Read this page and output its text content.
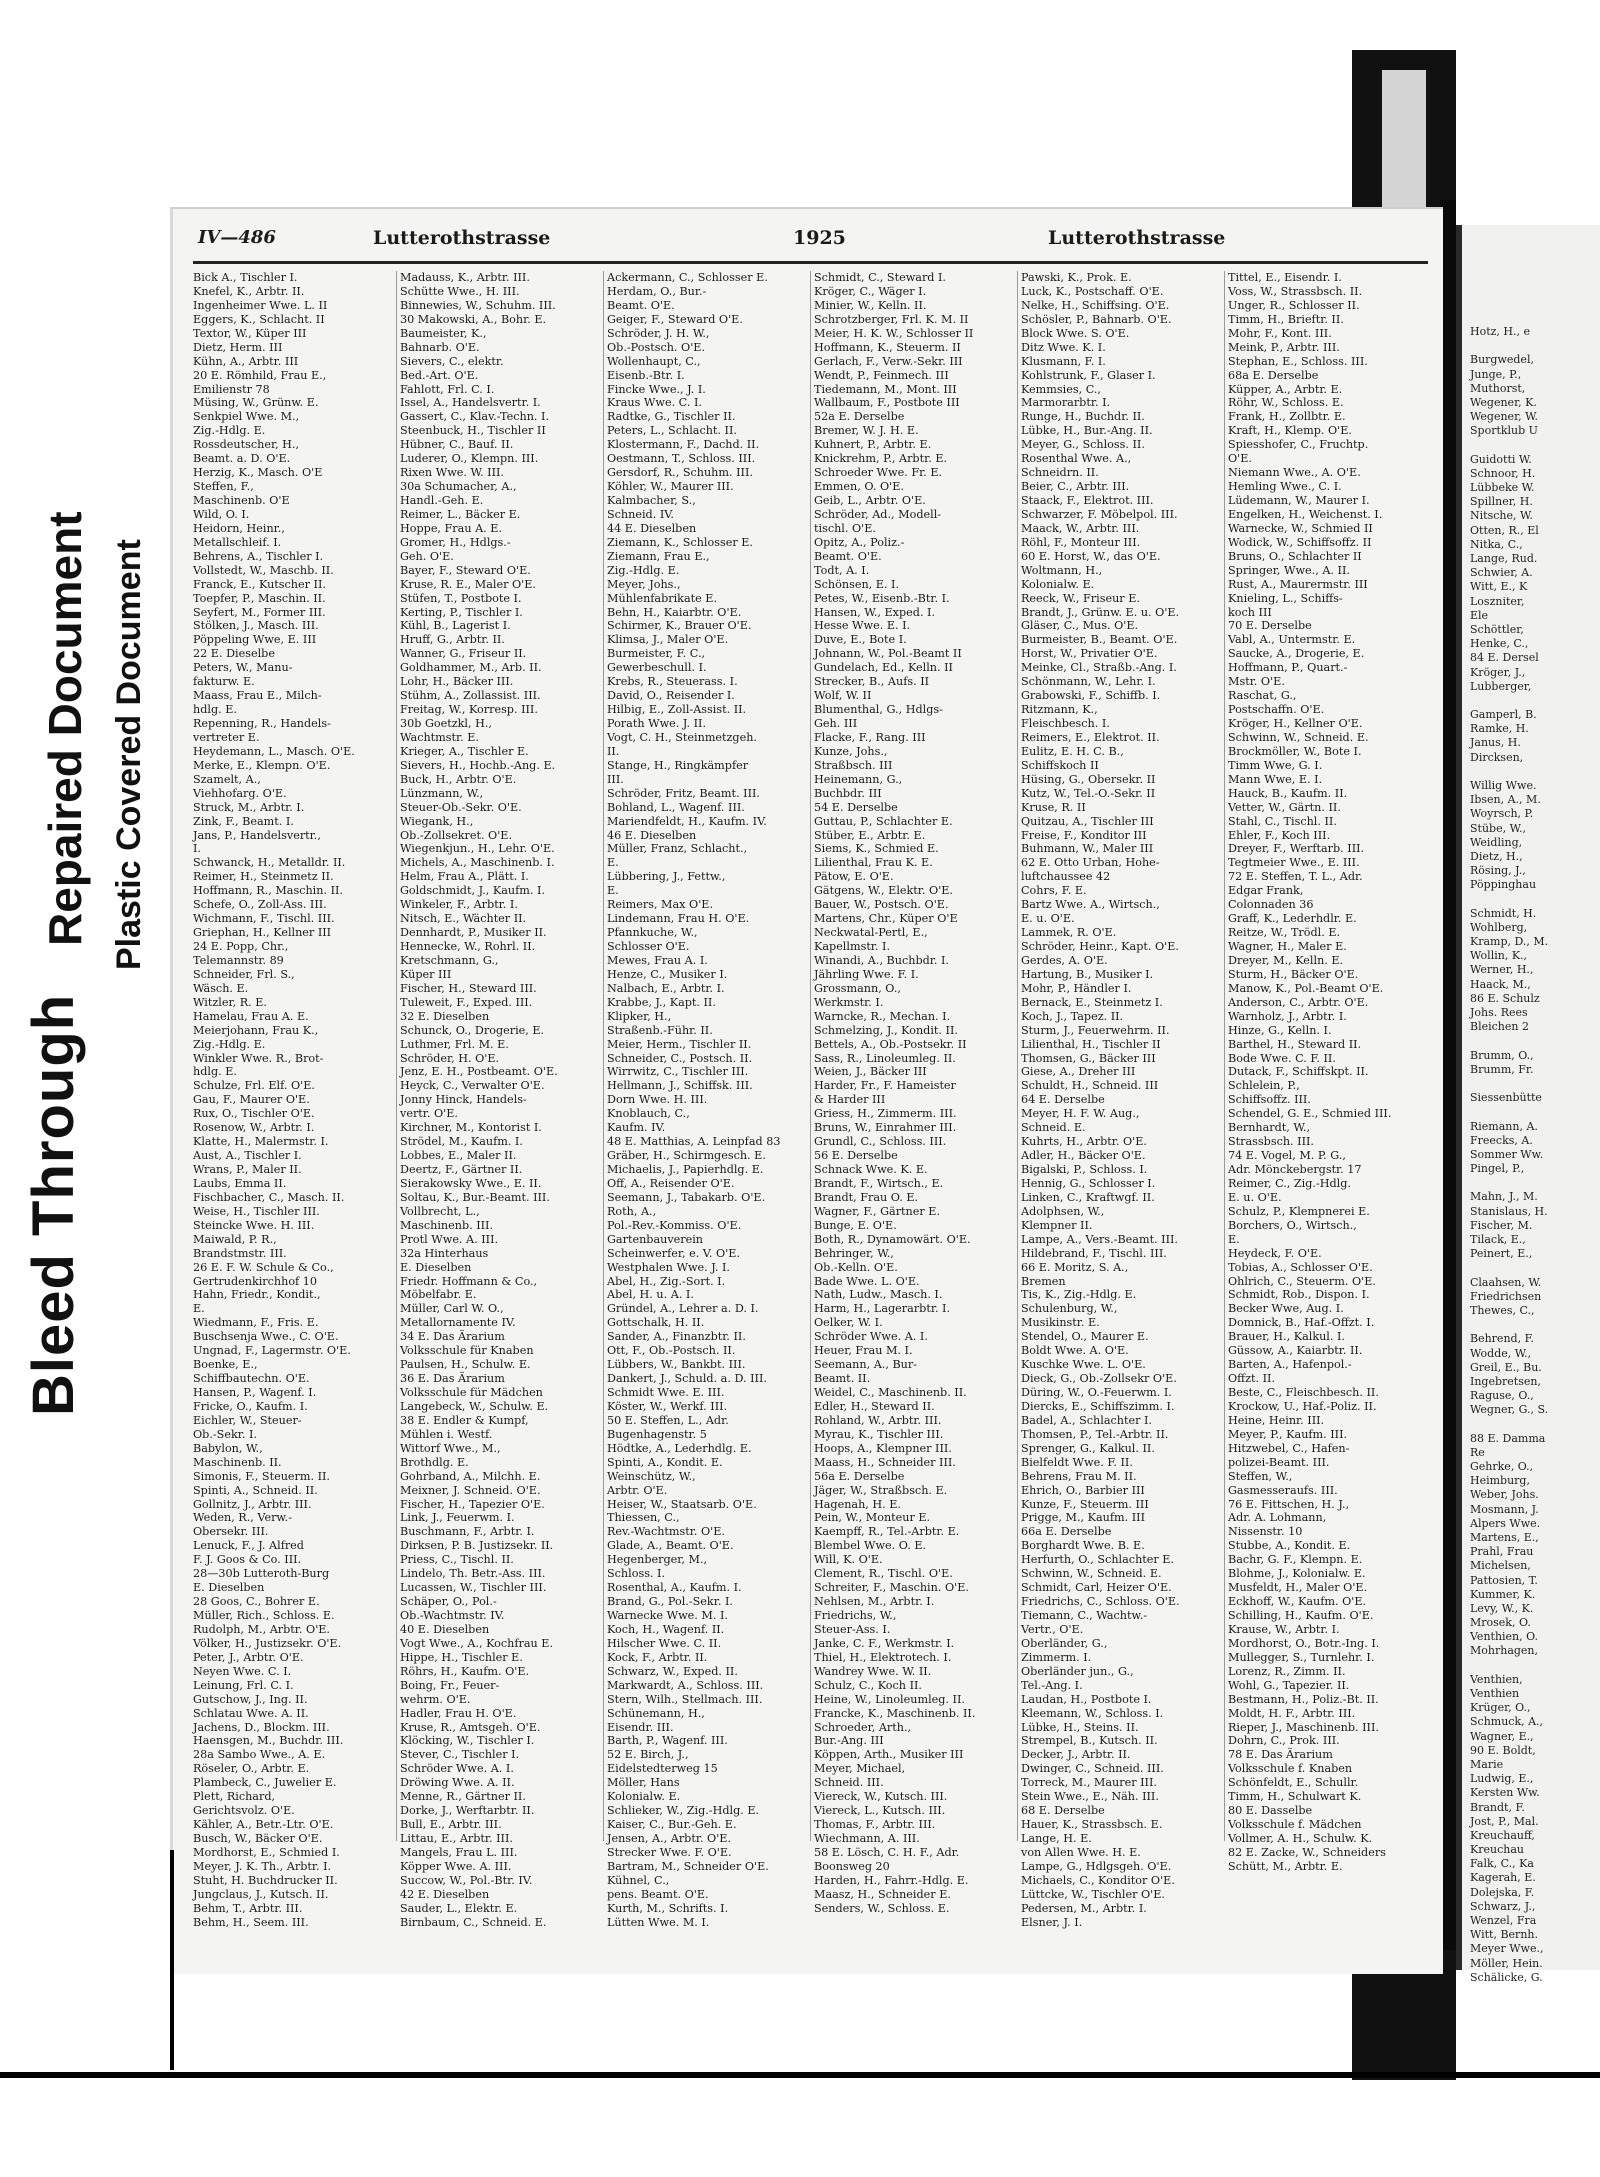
Bleed Through
Repaired Document Plastic Covered Document
Hotz, H., e
Burgwedel,
Junge, P.,
Muthorst,
Wegener, K.
Wegener, W.
Sportklub U
Guidotti W.
Schnoor, H.
Lübbeke W.
Spillner, H.
Nitsche, W.
Otten, R., El
Nitka, C.,
Lange, Rud.
Schwier, A.
Witt, E., K
Loszniter,
Ele
Schöttler,
Henke, C.,
84 E. Dersel
Kröger, J.,
Lubberger,
Gamperl, B.
Ramke, H.
Janus, H.
Dircksen,
Willig Wwe.
Ibsen, A., M.
Woyrsch, P.
Stübe, W.,
Weidling,
Dietz, H.,
Rösing, J.,
Pöppinghau
Schmidt, H.
Wohlberg,
Kramp, D., M.
Wollin, K.,
Werner, H.,
Haack, M.,
86 E. Schulz
Johs. Rees
Bleichen 2
Brumm, O.,
Brumm, Fr.
Siessenbütte
Riemann, A.
Freecks, A.
Sommer Ww.
Pingel, P.,
Mahn, J., M.
Stanislaus, H.
Fischer, M.
Tilack, E.,
Peinert, E.,
Claahsen, W.
Friedrichsen
Thewes, C.,
Behrend, F.
Wodde, W.,
Greil, E., Bu.
Ingebretsen,
Raguse, O.,
Wegner, G., S.
88 E. Damma
Re
Gehrke, O.,
Heimburg,
Weber, Johs.
Mosmann, J.
Alpers Wwe.
Martens, E.,
Prahl, Frau
Michelsen,
Pattosien, T.
Kummer, K.
Levy, W., K.
Mrosek, O.
Venthien, O.
Mohrhagen,
Venthien,
Venthien
Krüger, O.,
Schmuck, A.,
Wagner, E.,
90 E. Boldt,
Marie
Ludwig, E.,
Kersten Ww.
Brandt, F.
Jost, P., Mal.
Kreuchauff,
Kreuchau
Falk, C., Ka
Kagerah, E.
Dolejska, F.
Schwarz, J.,
Wenzel, Fra
Witt, Bernh.
Meyer Wwe.,
Möller, Hein.
Schälicke, G.
IV—486	Lutterothstrasse	1925	Lutterothstrasse
Bick A., Tischler I.
Knefel, K., Arbtr. II.
Ingenheimer Wwe. L. II
Eggers, K., Schlacht. II
Textor, W., Küper III
Dietz, Herm. III
Kühn, A., Arbtr. III
20 E. Römhild, Frau E.,
Emilienstr 78
Müsing, W., Grünw. E.
Senkpiel Wwe. M.,
Zig.-Hdlg. E.
Rossdeutscher, H.,
Beamt. a. D. O'E.
Herzig, K., Masch. O'E
Steffen, F.,
Maschinenb. O'E
Wild, O. I.
Heidorn, Heinr.,
Metallschleif. I.
Behrens, A., Tischler I.
Vollstedt, W., Maschb. II.
Franck, E., Kutscher II.
Toepfer, P., Maschin. II.
Seyfert, M., Former III.
Stölken, J., Masch. III.
Pöppeling Wwe, E. III
22 E. Dieselbe
Peters, W., Manu-
fakturw. E.
Maass, Frau E., Milch-
hdlg. E.
Repenning, R., Handels-
vertreter E.
Heydemann, L., Masch. O'E.
Merke, E., Klempn. O'E.
Szamelt, A.,
Viehhofarg. O'E.
Struck, M., Arbtr. I.
Zink, F., Beamt. I.
Jans, P., Handelsvertr.,
I.
Schwanck, H., Metalldr. II.
Reimer, H., Steinmetz II.
Hoffmann, R., Maschin. II.
Schefe, O., Zoll-Ass. III.
Wichmann, F., Tischl. III.
Griephan, H., Kellner III
24 E. Popp, Chr.,
Telemannstr. 89
Schneider, Frl. S.,
Wäsch. E.
Witzler, R. E.
Hamelau, Frau A. E.
Meierjohann, Frau K.,
Zig.-Hdlg. E.
Winkler Wwe. R., Brot-
hdlg. E.
Schulze, Frl. Elf. O'E.
Gau, F., Maurer O'E.
Rux, O., Tischler O'E.
Rosenow, W., Arbtr. I.
Klatte, H., Malermstr. I.
Aust, A., Tischler I.
Wrans, P., Maler II.
Laubs, Emma II.
Fischbacher, C., Masch. II.
Weise, H., Tischler III.
Steincke Wwe. H. III.
Maiwald, P. R.,
Brandstmstr. III.
26 E. F. W. Schule & Co.,
Gertrudenkirchhof 10
Hahn, Friedr., Kondit.,
E.
Wiedmann, F., Fris. E.
Buschsenja Wwe., C. O'E.
Ungnad, F., Lagermstr. O'E.
Boenke, E.,
Schiffbautechn. O'E.
Hansen, P., Wagenf. I.
Fricke, O., Kaufm. I.
Eichler, W., Steuer-
Ob.-Sekr. I.
Babylon, W.,
Maschinenb. II.
Simonis, F., Steuerm. II.
Spinti, A., Schneid. II.
Gollnitz, J., Arbtr. III.
Weden, R., Verw.-
Obersekr. III.
Lenuck, F., J. Alfred
F. J. Goos & Co. III.
28—30b Lutteroth-Burg
E. Dieselben
28 Goos, C., Bohrer E.
Müller, Rich., Schloss. E.
Rudolph, M., Arbtr. O'E.
Völker, H., Justizsekr. O'E.
Peter, J., Arbtr. O'E.
Neyen Wwe. C. I.
Leinung, Frl. C. I.
Gutschow, J., Ing. II.
Schlatau Wwe. A. II.
Jachens, D., Blockm. III.
Haensgen, M., Buchdr. III.
28a Sambo Wwe., A. E.
Röseler, O., Arbtr. E.
Plambeck, C., Juwelier E.
Plett, Richard,
Gerichtsvolz. O'E.
Kähler, A., Betr.-Ltr. O'E.
Busch, W., Bäcker O'E.
Mordhorst, E., Schmied I.
Meyer, J. K. Th., Arbtr. I.
Stuht, H. Buchdrucker II.
Jungclaus, J., Kutsch. II.
Behm, T., Arbtr. III.
Behm, H., Seem. III.
Madauss, K., Arbtr. III.
Schütte Wwe., H. III.
Binnewies, W., Schuhm. III.
30 Makowski, A., Bohr. E.
Baumeister, K.,
Bahnarb. O'E.
Sievers, C., elektr.
Bed.-Art. O'E.
Fahlott, Frl. C. I.
Issel, A., Handelsvertr. I.
Gassert, C., Klav.-Techn. I.
Steenbuck, H., Tischler II
Hübner, C., Bauf. II.
Luderer, O., Klempn. III.
Rixen Wwe. W. III.
30a Schumacher, A.,
Handl.-Geh. E.
Reimer, L., Bäcker E.
Hoppe, Frau A. E.
Gromer, H., Hdlgs.-
Geh. O'E.
Bayer, F., Steward O'E.
Kruse, R. E., Maler O'E.
Stüfen, T., Postbote I.
Kerting, P., Tischler I.
Kühl, B., Lagerist I.
Hruff, G., Arbtr. II.
Wanner, G., Friseur II.
Goldhammer, M., Arb. II.
Lohr, H., Bäcker III.
Stühm, A., Zollassist. III.
Freitag, W., Korresp. III.
30b Goetzkl, H.,
Wachtmstr. E.
Krieger, A., Tischler E.
Sievers, H., Hochb.-Ang. E.
Buck, H., Arbtr. O'E.
Lünzmann, W.,
Steuer-Ob.-Sekr. O'E.
Wiegank, H.,
Ob.-Zollsekret. O'E.
Wiegenkjun., H., Lehr. O'E.
Michels, A., Maschinenb. I.
Helm, Frau A., Plätt. I.
Goldschmidt, J., Kaufm. I.
Winkeler, F., Arbtr. I.
Nitsch, E., Wächter II.
Dennhardt, P., Musiker II.
Hennecke, W., Rohrl. II.
Kretschmann, G.,
Küper III
Fischer, H., Steward III.
Tuleweit, F., Exped. III.
32 E. Dieselben
Schunck, O., Drogerie, E.
Luthmer, Frl. M. E.
Schröder, H. O'E.
Jenz, E. H., Postbeamt. O'E.
Heyck, C., Verwalter O'E.
Jonny Hinck, Handels-
vertr. O'E.
Kirchner, M., Kontorist I.
Strödel, M., Kaufm. I.
Lobbes, E., Maler II.
Deertz, F., Gärtner II.
Sierakowsky Wwe., E. II.
Soltau, K., Bur.-Beamt. III.
Vollbrecht, L.,
Maschinenb. III.
Protl Wwe. A. III.
32a Hinterhaus
E. Dieselben
Friedr. Hoffmann & Co.,
Möbelfabr. E.
Müller, Carl W. O.,
Metallornamente IV.
34 E. Das Ärarium
Volksschule für Knaben
Paulsen, H., Schulw. E.
36 E. Das Ärarium
Volksschule für Mädchen
Langebeck, W., Schulw. E.
38 E. Endler & Kumpf,
Mühlen i. Westf.
Wittorf Wwe., M.,
Brothdlg. E.
Gohrband, A., Milchh. E.
Meixner, J. Schneid. O'E.
Fischer, H., Tapezier O'E.
Link, J., Feuerwm. I.
Buschmann, F., Arbtr. I.
Dirksen, P. B. Justizsekr. II.
Priess, C., Tischl. II.
Lindelo, Th. Betr.-Ass. III.
Lucassen, W., Tischler III.
Schäper, O., Pol.-
Ob.-Wachtmstr. IV.
40 E. Dieselben
Vogt Wwe., A., Kochfrau E.
Hippe, H., Tischler E.
Röhrs, H., Kaufm. O'E.
Boing, Fr., Feuer-
wehrm. O'E.
Hadler, Frau H. O'E.
Kruse, R., Amtsgeh. O'E.
Klöcking, W., Tischler I.
Stever, C., Tischler I.
Schröder Wwe. A. I.
Dröwing Wwe. A. II.
Menne, R., Gärtner II.
Dorke, J., Werftarbtr. II.
Bull, E., Arbtr. III.
Littau, E., Arbtr. III.
Mangels, Frau L. III.
Köpper Wwe. A. III.
Succow, W., Pol.-Btr. IV.
42 E. Dieselben
Sauder, L., Elektr. E.
Birnbaum, C., Schneid. E.
Ackermann, C., Schlosser E.
Herdam, O., Bur.-
Beamt. O'E.
Geiger, F., Steward O'E.
Schröder, J. H. W.,
Ob.-Postsch. O'E.
Wollenhaupt, C.,
Eisenb.-Btr. I.
Fincke Wwe., J. I.
Kraus Wwe. C. I.
Radtke, G., Tischler II.
Peters, L., Schlacht. II.
Klostermann, F., Dachd. II.
Oestmann, T., Schloss. III.
Gersdorf, R., Schuhm. III.
Köhler, W., Maurer III.
Kalmbacher, S.,
Schneid. IV.
44 E. Dieselben
Ziemann, K., Schlosser E.
Ziemann, Frau E.,
Zig.-Hdlg. E.
Meyer, Johs.,
Mühlenfabrikate E.
Behn, H., Kaiarbtr. O'E.
Schirmer, K., Brauer O'E.
Klimsa, J., Maler O'E.
Burmeister, F. C.,
Gewerbeschull. I.
Krebs, R., Steuerass. I.
David, O., Reisender I.
Hilbig, E., Zoll-Assist. II.
Porath Wwe. J. II.
Vogt, C. H., Steinmetzgeh.
II.
Stange, H., Ringkämpfer
III.
Schröder, Fritz, Beamt. III.
Bohland, L., Wagenf. III.
Mariendfeldt, H., Kaufm. IV.
46 E. Dieselben
Müller, Franz, Schlacht.,
E.
Lübbering, J., Fettw.,
E.
Reimers, Max O'E.
Lindemann, Frau H. O'E.
Pfannkuche, W.,
Schlosser O'E.
Mewes, Frau A. I.
Henze, C., Musiker I.
Nalbach, E., Arbtr. I.
Krabbe, J., Kapt. II.
Klipker, H.,
Straßenb.-Führ. II.
Meier, Herm., Tischler II.
Schneider, C., Postsch. II.
Wirrwitz, C., Tischler III.
Hellmann, J., Schiffsk. III.
Dorn Wwe. H. III.
Knoblauch, C.,
Kaufm. IV.
48 E. Matthias, A. Leinpfad 83
Gräber, H., Schirmgesch. E.
Michaelis, J., Papierhdlg. E.
Off, A., Reisender O'E.
Seemann, J., Tabakarb. O'E.
Roth, A.,
Pol.-Rev.-Kommiss. O'E.
Gartenbauverein
Scheinwerfer, e. V. O'E.
Westphalen Wwe. J. I.
Abel, H., Zig.-Sort. I.
Abel, H. u. A. I.
Gründel, A., Lehrer a. D. I.
Gottschalk, H. II.
Sander, A., Finanzbtr. II.
Ott, F., Ob.-Postsch. II.
Lübbers, W., Bankbt. III.
Dankert, J., Schuld. a. D. III.
Schmidt Wwe. E. III.
Köster, W., Werkf. III.
50 E. Steffen, L., Adr.
Bugenhagenstr. 5
Hödtke, A., Lederhdlg. E.
Spinti, A., Kondit. E.
Weinschütz, W.,
Arbtr. O'E.
Heiser, W., Staatsarb. O'E.
Thiessen, C.,
Rev.-Wachtmstr. O'E.
Glade, A., Beamt. O'E.
Hegenberger, M.,
Schloss. I.
Rosenthal, A., Kaufm. I.
Brand, G., Pol.-Sekr. I.
Warnecke Wwe. M. I.
Koch, H., Wagenf. II.
Hilscher Wwe. C. II.
Kock, F., Arbtr. II.
Schwarz, W., Exped. II.
Markwardt, A., Schloss. III.
Stern, Wilh., Stellmach. III.
Schünemann, H.,
Eisendr. III.
Barth, P., Wagenf. III.
52 E. Birch, J.,
Eidelstedterweg 15
Möller, Hans
Kolonialw. E.
Schlieker, W., Zig.-Hdlg. E.
Kaiser, C., Bur.-Geh. E.
Jensen, A., Arbtr. O'E.
Strecker Wwe. F. O'E.
Bartram, M., Schneider O'E.
Kühnel, C.,
pens. Beamt. O'E.
Kurth, M., Schrifts. I.
Lütten Wwe. M. I.
Schmidt, C., Steward I.
Kröger, C., Wäger I.
Minier, W., Kelln. II.
Schrotzberger, Frl. K. M. II
Meier, H. K. W., Schlosser II
Hoffmann, K., Steuerm. II
Gerlach, F., Verw.-Sekr. III
Wendt, P., Feinmech. III
Tiedemann, M., Mont. III
Wallbaum, F., Postbote III
52a E. Derselbe
Bremer, W. J. H. E.
Kuhnert, P., Arbtr. E.
Knickrehm, P., Arbtr. E.
Schroeder Wwe. Fr. E.
Emmen, O. O'E.
Geib, L., Arbtr. O'E.
Schröder, Ad., Modell-
tischl. O'E.
Opitz, A., Poliz.-
Beamt. O'E.
Todt, A. I.
Schönsen, E. I.
Petes, W., Eisenb.-Btr. I.
Hansen, W., Exped. I.
Hesse Wwe. E. I.
Duve, E., Bote I.
Johnann, W., Pol.-Beamt II
Gundelach, Ed., Kelln. II
Strecker, B., Aufs. II
Wolf, W. II
Blumenthal, G., Hdlgs-
Geh. III
Flacke, F., Rang. III
Kunze, Johs.,
Straßbsch. III
Heinemann, G.,
Buchbdr. III
54 E. Derselbe
Guttau, P., Schlachter E.
Stüber, E., Arbtr. E.
Siems, K., Schmied E.
Lilienthal, Frau K. E.
Pätow, E. O'E.
Gätgens, W., Elektr. O'E.
Bauer, W., Postsch. O'E.
Martens, Chr., Küper O'E
Neckwatal-Pertl, E.,
Kapellmstr. I.
Winandi, A., Buchbdr. I.
Jährling Wwe. F. I.
Grossmann, O.,
Werkmstr. I.
Warncke, R., Mechan. I.
Schmelzing, J., Kondit. II.
Bettels, A., Ob.-Postsekr. II
Sass, R., Linoleumleg. II.
Weien, J., Bäcker III
Harder, Fr., F. Hameister
& Harder III
Griess, H., Zimmerm. III.
Bruns, W., Einrahmer III.
Grundl, C., Schloss. III.
56 E. Derselbe
Schnack Wwe. K. E.
Brandt, F., Wirtsch., E.
Brandt, Frau O. E.
Wagner, F., Gärtner E.
Bunge, E. O'E.
Both, R., Dynamowärt. O'E.
Behringer, W.,
Ob.-Kelln. O'E.
Bade Wwe. L. O'E.
Nath, Ludw., Masch. I.
Harm, H., Lagerarbtr. I.
Oelker, W. I.
Schröder Wwe. A. I.
Heuer, Frau M. I.
Seemann, A., Bur-
Beamt. II.
Weidel, C., Maschinenb. II.
Edler, H., Steward II.
Rohland, W., Arbtr. III.
Myrau, K., Tischler III.
Hoops, A., Klempner III.
Maass, H., Schneider III.
56a E. Derselbe
Jäger, W., Straßbsch. E.
Hagenah, H. E.
Pein, W., Monteur E.
Kaempff, R., Tel.-Arbtr. E.
Blembel Wwe. O. E.
Will, K. O'E.
Clement, R., Tischl. O'E.
Schreiter, F., Maschin. O'E.
Nehlsen, M., Arbtr. I.
Friedrichs, W.,
Steuer-Ass. I.
Janke, C. F., Werkmstr. I.
Thiel, H., Elektrotech. I.
Wandrey Wwe. W. II.
Schulz, C., Koch II.
Heine, W., Linoleumleg. II.
Francke, K., Maschinenb. II.
Schroeder, Arth.,
Bur.-Ang. III
Köppen, Arth., Musiker III
Meyer, Michael,
Schneid. III.
Viereck, W., Kutsch. III.
Viereck, L., Kutsch. III.
Thomas, F., Arbtr. III.
Wiechmann, A. III.
58 E. Lösch, C. H. F., Adr.
Boonsweg 20
Harden, H., Fahrr.-Hdlg. E.
Maasz, H., Schneider E.
Senders, W., Schloss. E.
Pawski, K., Prok. E.
Luck, K., Postschaff. O'E.
Nelke, H., Schiffsing. O'E.
Schösler, P., Bahnarb. O'E.
Block Wwe. S. O'E.
Ditz Wwe. K. I.
Klusmann, F. I.
Kohlstrunk, F., Glaser I.
Kemmsies, C.,
Marmorarbtr. I.
Runge, H., Buchdr. II.
Lübke, H., Bur.-Ang. II.
Meyer, G., Schloss. II.
Rosenthal Wwe. A.,
Schneidrn. II.
Beier, C., Arbtr. III.
Staack, F., Elektrot. III.
Schwarzer, F. Möbelpol. III.
Maack, W., Arbtr. III.
Röhl, F., Monteur III.
60 E. Horst, W., das O'E.
Woltmann, H.,
Kolonialw. E.
Reeck, W., Friseur E.
Brandt, J., Grünw. E. u. O'E.
Gläser, C., Mus. O'E.
Burmeister, B., Beamt. O'E.
Horst, W., Privatier O'E.
Meinke, Cl., Straßb.-Ang. I.
Schönmann, W., Lehr. I.
Grabowski, F., Schiffb. I.
Ritzmann, K.,
Fleischbesch. I.
Reimers, E., Elektrot. II.
Eulitz, E. H. C. B.,
Schiffskoch II
Hüsing, G., Obersekr. II
Kutz, W., Tel.-O.-Sekr. II
Kruse, R. II
Quitzau, A., Tischler III
Freise, F., Konditor III
Buhmann, W., Maler III
62 E. Otto Urban, Hohe-
luftchaussee 42
Cohrs, F. E.
Bartz Wwe. A., Wirtsch.,
E. u. O'E.
Lammek, R. O'E.
Schröder, Heinr., Kapt. O'E.
Gerdes, A. O'E.
Hartung, B., Musiker I.
Mohr, P., Händler I.
Bernack, E., Steinmetz I.
Koch, J., Tapez. II.
Sturm, J., Feuerwehrm. II.
Lilienthal, H., Tischler II
Thomsen, G., Bäcker III
Giese, A., Dreher III
Schuldt, H., Schneid. III
64 E. Derselbe
Meyer, H. F. W. Aug.,
Schneid. E.
Kuhrts, H., Arbtr. O'E.
Adler, H., Bäcker O'E.
Bigalski, P., Schloss. I.
Hennig, G., Schlosser I.
Linken, C., Kraftwgf. II.
Adolphsen, W.,
Klempner II.
Lampe, A., Vers.-Beamt. III.
Hildebrand, F., Tischl. III.
66 E. Moritz, S. A.,
Bremen
Tis, K., Zig.-Hdlg. E.
Schulenburg, W.,
Musikinstr. E.
Stendel, O., Maurer E.
Boldt Wwe. A. O'E.
Kuschke Wwe. L. O'E.
Dieck, G., Ob.-Zollsekr O'E.
Düring, W., O.-Feuerwm. I.
Diercks, E., Schiffszimm. I.
Badel, A., Schlachter I.
Thomsen, P., Tel.-Arbtr. II.
Sprenger, G., Kalkul. II.
Bielfeldt Wwe. F. II.
Behrens, Frau M. II.
Ehrich, O., Barbier III
Kunze, F., Steuerm. III
Prigge, M., Kaufm. III
66a E. Derselbe
Borghardt Wwe. B. E.
Herfurth, O., Schlachter E.
Schwinn, W., Schneid. E.
Schmidt, Carl, Heizer O'E.
Friedrichs, C., Schloss. O'E.
Tiemann, C., Wachtw.-
Vertr., O'E.
Oberländer, G.,
Zimmerm. I.
Oberländer jun., G.,
Tel.-Ang. I.
Laudan, H., Postbote I.
Kleemann, W., Schloss. I.
Lübke, H., Steins. II.
Strempel, B., Kutsch. II.
Decker, J., Arbtr. II.
Dwinger, C., Schneid. III.
Torreck, M., Maurer III.
Stein Wwe., E., Näh. III.
68 E. Derselbe
Hauer, K., Strassbsch. E.
Lange, H. E.
von Allen Wwe. H. E.
Lampe, G., Hdlgsgeh. O'E.
Michaels, C., Konditor O'E.
Lüttcke, W., Tischler O'E.
Pedersen, M., Arbtr. I.
Elsner, J. I.
Tittel, E., Eisendr. I.
Voss, W., Strassbsch. II.
Unger, R., Schlosser II.
Timm, H., Brieftr. II.
Mohr, F., Kont. III.
Meink, P., Arbtr. III.
Stephan, E., Schloss. III.
68a E. Derselbe
Küpper, A., Arbtr. E.
Röhr, W., Schloss. E.
Frank, H., Zollbtr. E.
Kraft, H., Klemp. O'E.
Spiesshofer, C., Fruchtp.
O'E.
Niemann Wwe., A. O'E.
Hemling Wwe., C. I.
Lüdemann, W., Maurer I.
Engelken, H., Weichenst. I.
Warnecke, W., Schmied II
Wodick, W., Schiffsoffz. II
Bruns, O., Schlachter II
Springer, Wwe., A. II.
Rust, A., Maurermstr. III
Knieling, L., Schiffs-
koch III
70 E. Derselbe
Vabl, A., Untermstr. E.
Saucke, A., Drogerie, E.
Hoffmann, P., Quart.-
Mstr. O'E.
Raschat, G.,
Postschaffn. O'E.
Kröger, H., Kellner O'E.
Schwinn, W., Schneid. E.
Brockmöller, W., Bote I.
Timm Wwe, G. I.
Mann Wwe, E. I.
Hauck, B., Kaufm. II.
Vetter, W., Gärtn. II.
Stahl, C., Tischl. II.
Ehler, F., Koch III.
Dreyer, F., Werftarb. III.
Tegtmeier Wwe., E. III.
72 E. Steffen, T. L., Adr.
Edgar Frank,
Colonnaden 36
Graff, K., Lederhdlr. E.
Reitze, W., Trödl. E.
Wagner, H., Maler E.
Dreyer, M., Kelln. E.
Sturm, H., Bäcker O'E.
Manow, K., Pol.-Beamt O'E.
Anderson, C., Arbtr. O'E.
Warnholz, J., Arbtr. I.
Hinze, G., Kelln. I.
Barthel, H., Steward II.
Bode Wwe. C. F. II.
Dutack, F., Schiffskpt. II.
Schlelein, P.,
Schiffsoffz. III.
Schendel, G. E., Schmied III.
Bernhardt, W.,
Strassbsch. III.
74 E. Vogel, M. P. G.,
Adr. Mönckebergstr. 17
Reimer, C., Zig.-Hdlg.
E. u. O'E.
Schulz, P., Klempnerei E.
Borchers, O., Wirtsch.,
E.
Heydeck, F. O'E.
Tobias, A., Schlosser O'E.
Ohlrich, C., Steuerm. O'E.
Schmidt, Rob., Dispon. I.
Becker Wwe, Aug. I.
Domnick, B., Haf.-Offzt. I.
Brauer, H., Kalkul. I.
Güssow, A., Kaiarbtr. II.
Barten, A., Hafenpol.-
Offzt. II.
Beste, C., Fleischbesch. II.
Krockow, U., Haf.-Poliz. II.
Heine, Heinr. III.
Meyer, P., Kaufm. III.
Hitzwebel, C., Hafen-
polizei-Beamt. III.
Steffen, W.,
Gasmesseraufs. III.
76 E. Fittschen, H. J.,
Adr. A. Lohmann,
Nissenstr. 10
Stubbe, A., Kondit. E.
Bachr, G. F., Klempn. E.
Blohme, J., Kolonialw. E.
Musfeldt, H., Maler O'E.
Eckhoff, W., Kaufm. O'E.
Schilling, H., Kaufm. O'E.
Krause, W., Arbtr. I.
Mordhorst, O., Botr.-Ing. I.
Mullegger, S., Turnlehr. I.
Lorenz, R., Zimm. II.
Wohl, G., Tapezier. II.
Bestmann, H., Poliz.-Bt. II.
Moldt, H. F., Arbtr. III.
Rieper, J., Maschinenb. III.
Dohrn, C., Prok. III.
78 E. Das Ärarium
Volksschule f. Knaben
Schönfeldt, E., Schullr.
Timm, H., Schulwart K.
80 E. Dasselbe
Volksschule f. Mädchen
Vollmer, A. H., Schulw. K.
82 E. Zacke, W., Schneiders
Schütt, M., Arbtr. E.
